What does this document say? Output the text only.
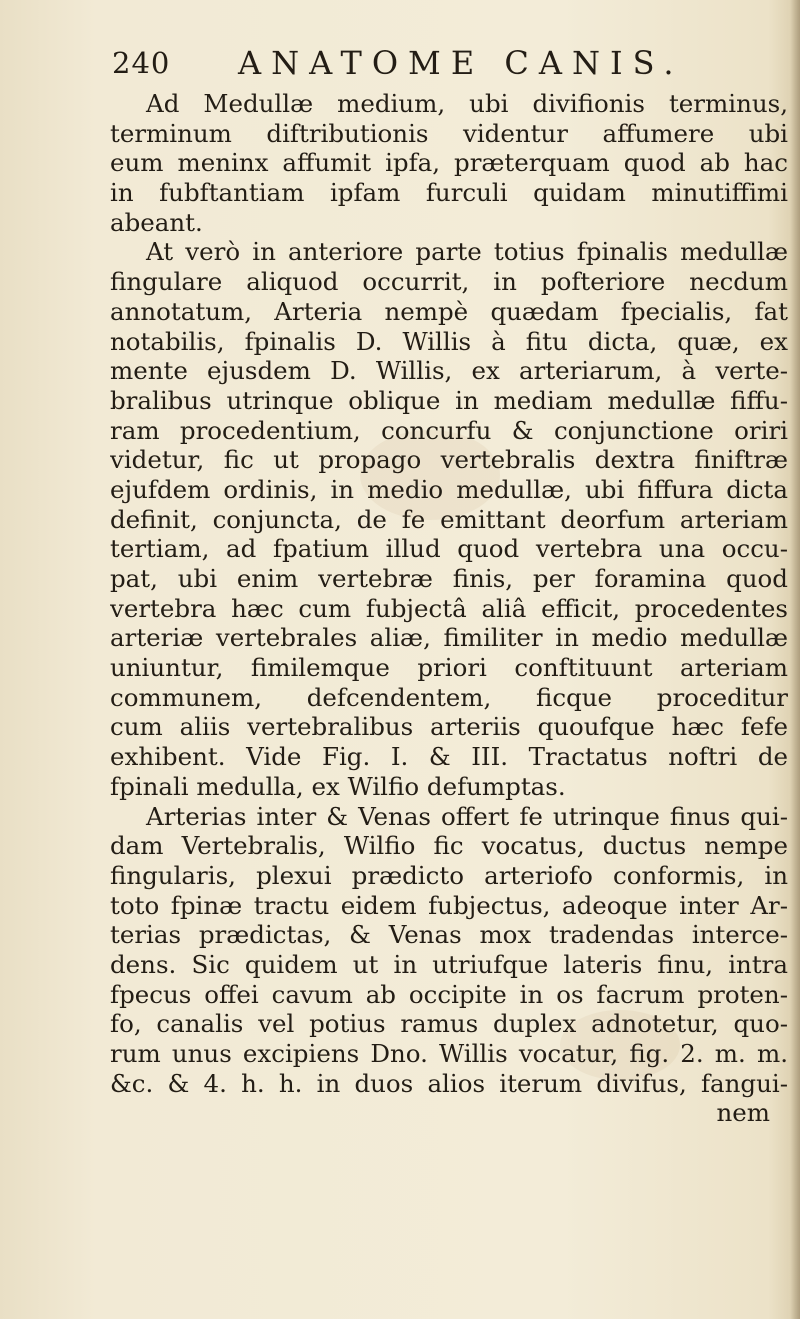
240 ANATOME CANIS.
Ad Medullæ medium, ubi divifionis terminus,
terminum diftributionis videntur affumere ubi
eum meninx affumit ipfa, præterquam quod ab hac
in fubftantiam ipfam furculi quidam minutiffimi
abeant.
At verò in anteriore parte totius fpinalis medullæ
fingulare aliquod occurrit, in pofteriore necdum
annotatum, Arteria nempè quædam fpecialis, fat
notabilis, fpinalis D. Willis à fitu dicta, quæ, ex
mente ejusdem D. Willis, ex arteriarum, à verte-
bralibus utrinque oblique in mediam medullæ fiffu-
ram procedentium, concurfu & conjunctione oriri
videtur, fic ut propago vertebralis dextra finiftræ
ejufdem ordinis, in medio medullæ, ubi fiffura dicta
definit, conjuncta, de fe emittant deorfum arteriam
tertiam, ad fpatium illud quod vertebra una occu-
pat, ubi enim vertebræ finis, per foramina quod
vertebra hæc cum fubjectâ aliâ efficit, procedentes
arteriæ vertebrales aliæ, fimiliter in medio medullæ
uniuntur, fimilemque priori conftituunt arteriam
communem, defcendentem, ficque proceditur
cum aliis vertebralibus arteriis quoufque hæc fefe
exhibent. Vide Fig. I. & III. Tractatus noftri de
fpinali medulla, ex Wilfio defumptas.
Arterias inter & Venas offert fe utrinque finus qui-
dam Vertebralis, Wilfio fic vocatus, ductus nempe
fingularis, plexui prædicto arteriofo conformis, in
toto fpinæ tractu eidem fubjectus, adeoque inter Ar-
terias prædictas, & Venas mox tradendas interce-
dens. Sic quidem ut in utriufque lateris finu, intra
fpecus offei cavum ab occipite in os facrum proten-
fo, canalis vel potius ramus duplex adnotetur, quo-
rum unus excipiens Dno. Willis vocatur, fig. 2. m. m.
&c. & 4. h. h. in duos alios iterum divifus, fangui-
nem
